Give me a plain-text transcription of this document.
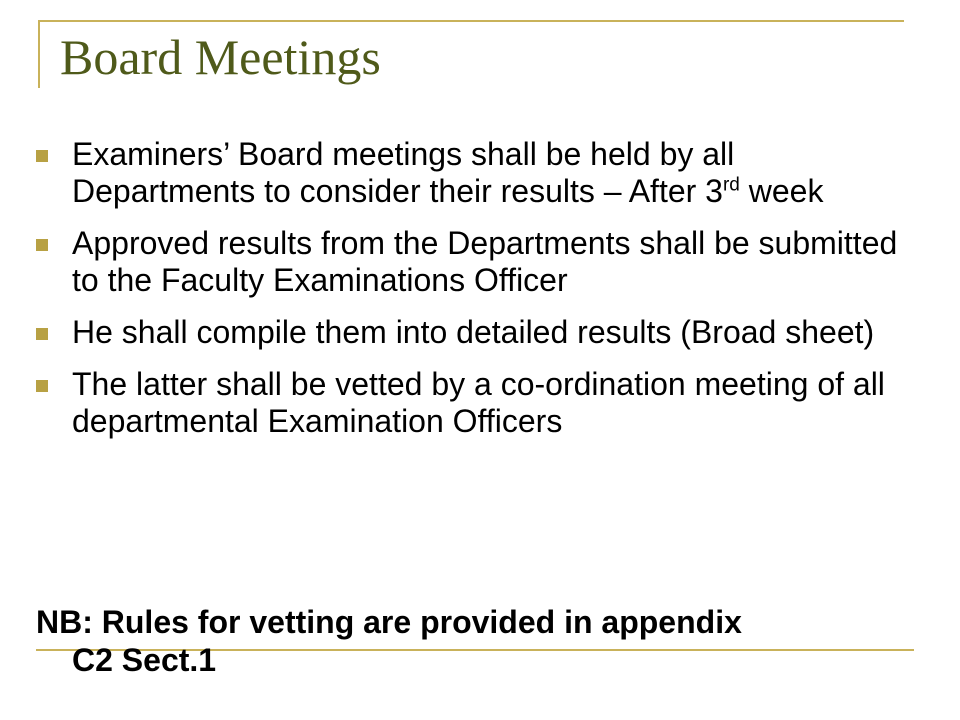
Board Meetings
Examiners’ Board meetings shall be held by all Departments to consider their results – After 3rd week
Approved results from the Departments shall be submitted to the Faculty Examinations Officer
He shall compile them into detailed results (Broad sheet)
The latter shall be vetted by a co-ordination meeting of all departmental Examination Officers
NB: Rules for vetting are provided in appendix
C2 Sect.1
